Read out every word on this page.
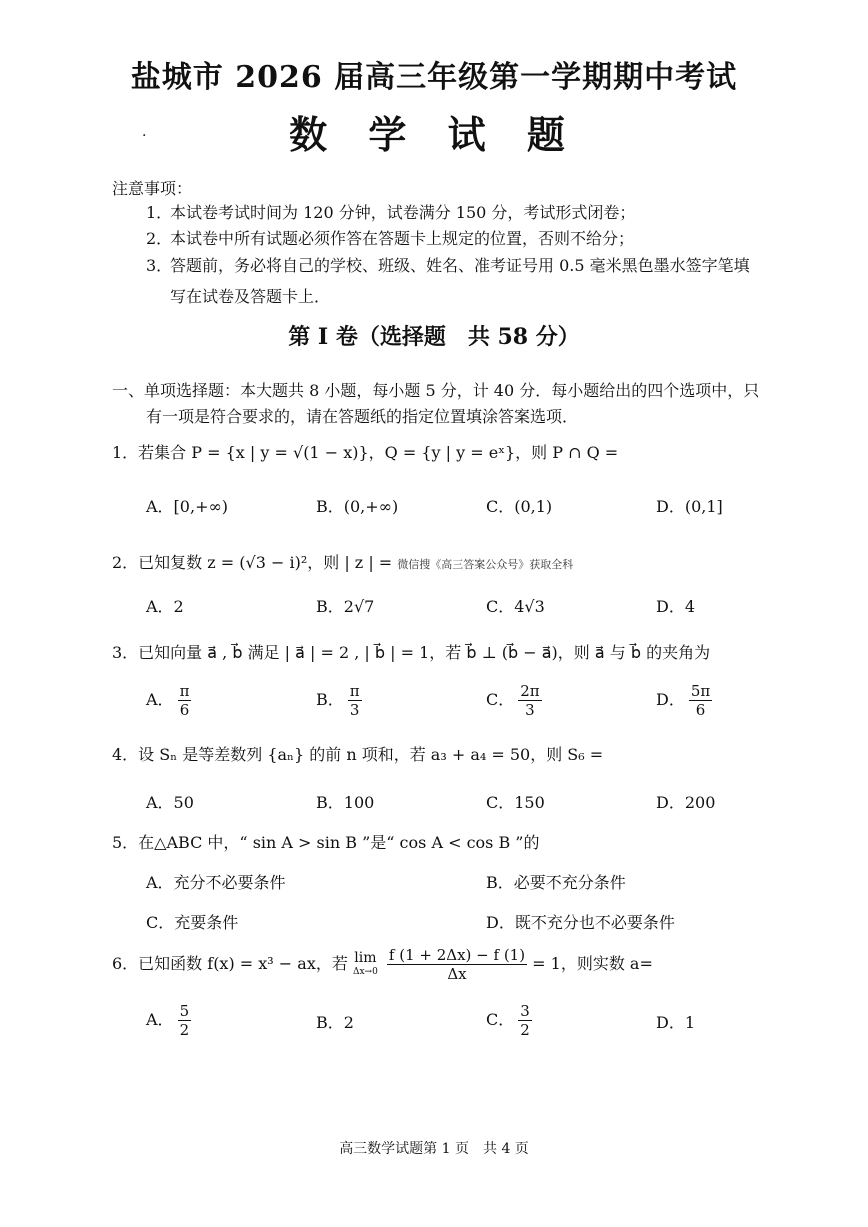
盐城市 2026 届高三年级第一学期期中考试
·	数 学 试 题
注意事项：
1．本试卷考试时间为 120 分钟，试卷满分 150 分，考试形式闭卷；
2．本试卷中所有试题必须作答在答题卡上规定的位置，否则不给分；
3．答题前，务必将自己的学校、班级、姓名、准考证号用 0.5 毫米黑色墨水签字笔填
写在试卷及答题卡上．
第 I 卷（选择题　共 58 分）
一、单项选择题：本大题共 8 小题，每小题 5 分，计 40 分．每小题给出的四个选项中，只
有一项是符合要求的，请在答题纸的指定位置填涂答案选项．
1．若集合 P = {x | y = √(1 − x)}，Q = {y | y = eˣ}，则 P ∩ Q =
A．[0,+∞)	B．(0,+∞)	C．(0,1)	D．(0,1]
2．已知复数 z = (√3 − i)²，则 | z | = 微信搜《高三答案公众号》获取全科
A．2	B．2√7	C．4√3	D．4
3．已知向量 a⃗ , b⃗ 满足 | a⃗ | = 2 , | b⃗ | = 1，若 b⃗ ⊥ (b⃗ − a⃗)，则 a⃗ 与 b⃗ 的夹角为
A． $\frac{\pi}{6}$	B． $\frac{\pi}{3}$	C． $\frac{2\pi}{3}$	D． $\frac{5\pi}{6}$
4．设 Sₙ 是等差数列 {aₙ} 的前 n 项和，若 a₃ + a₄ = 50，则 S₆ =
A．50	B．100	C．150	D．200
5．在△ABC 中，“ sin A > sin B ”是“ cos A < cos B ”的
A．充分不必要条件	B．必要不充分条件
C．充要条件	D．既不充分也不必要条件
6．已知函数 f(x) = x³ − ax，若 lim
Δx→0
$\frac{f (1 + 2\Delta x) - f (1)}{\Delta x} = 1$，则实数 a=
A． $\frac{5}{2}$	B．2	C． $\frac{3}{2}$	D．1
高三数学试题第 1 页　共 4 页
